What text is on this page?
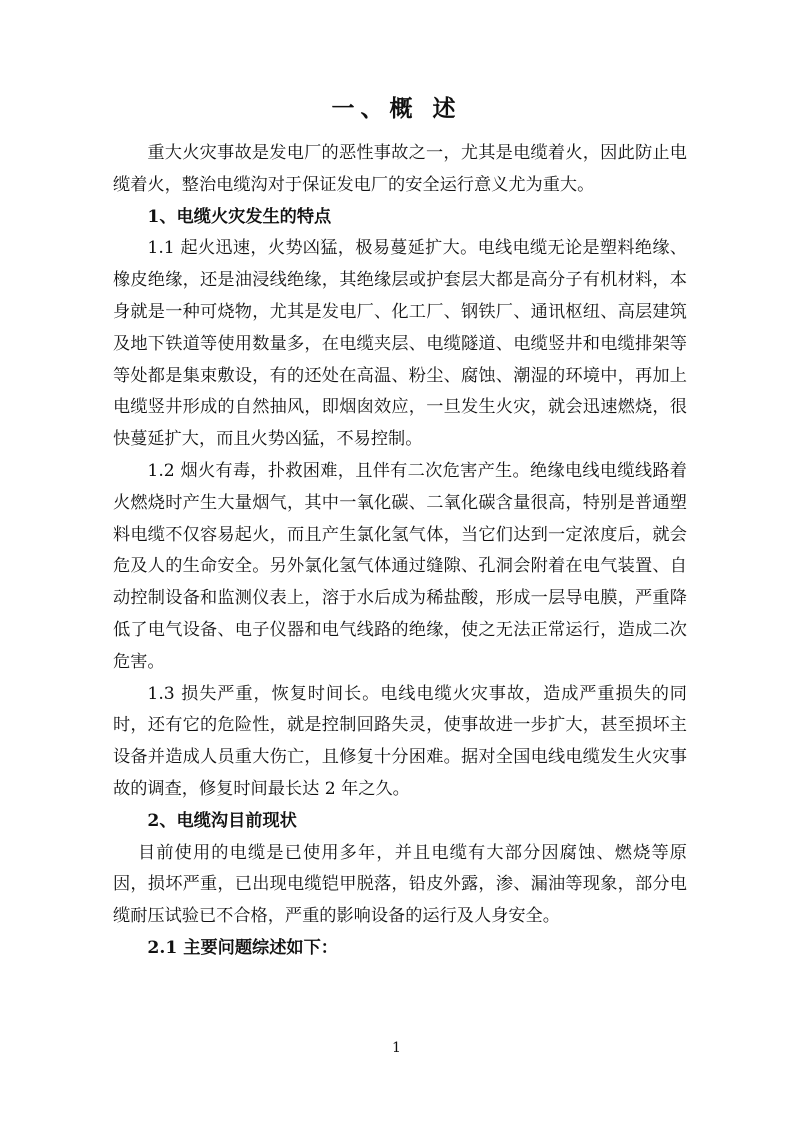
一、概 述

重大火灾事故是发电厂的恶性事故之一，尤其是电缆着火，因此防止电缆着火，整治电缆沟对于保证发电厂的安全运行意义尤为重大。

1、电缆火灾发生的特点

1.1 起火迅速，火势凶猛，极易蔓延扩大。电线电缆无论是塑料绝缘、橡皮绝缘，还是油浸线绝缘，其绝缘层或护套层大都是高分子有机材料，本身就是一种可烧物，尤其是发电厂、化工厂、钢铁厂、通讯枢纽、高层建筑及地下铁道等使用数量多，在电缆夹层、电缆隧道、电缆竖井和电缆排架等等处都是集束敷设，有的还处在高温、粉尘、腐蚀、潮湿的环境中，再加上电缆竖井形成的自然抽风，即烟囱效应，一旦发生火灾，就会迅速燃烧，很快蔓延扩大，而且火势凶猛，不易控制。

1.2 烟火有毒，扑救困难，且伴有二次危害产生。绝缘电线电缆线路着火燃烧时产生大量烟气，其中一氧化碳、二氧化碳含量很高，特别是普通塑料电缆不仅容易起火，而且产生氯化氢气体，当它们达到一定浓度后，就会危及人的生命安全。另外氯化氢气体通过缝隙、孔洞会附着在电气装置、自动控制设备和监测仪表上，溶于水后成为稀盐酸，形成一层导电膜，严重降低了电气设备、电子仪器和电气线路的绝缘，使之无法正常运行，造成二次危害。

1.3 损失严重，恢复时间长。电线电缆火灾事故，造成严重损失的同时，还有它的危险性，就是控制回路失灵，使事故进一步扩大，甚至损坏主设备并造成人员重大伤亡，且修复十分困难。据对全国电线电缆发生火灾事故的调查，修复时间最长达 2 年之久。

2、电缆沟目前现状

目前使用的电缆是已使用多年，并且电缆有大部分因腐蚀、燃烧等原因，损坏严重，已出现电缆铠甲脱落，铅皮外露，渗、漏油等现象，部分电缆耐压试验已不合格，严重的影响设备的运行及人身安全。

2.1 主要问题综述如下：
1
